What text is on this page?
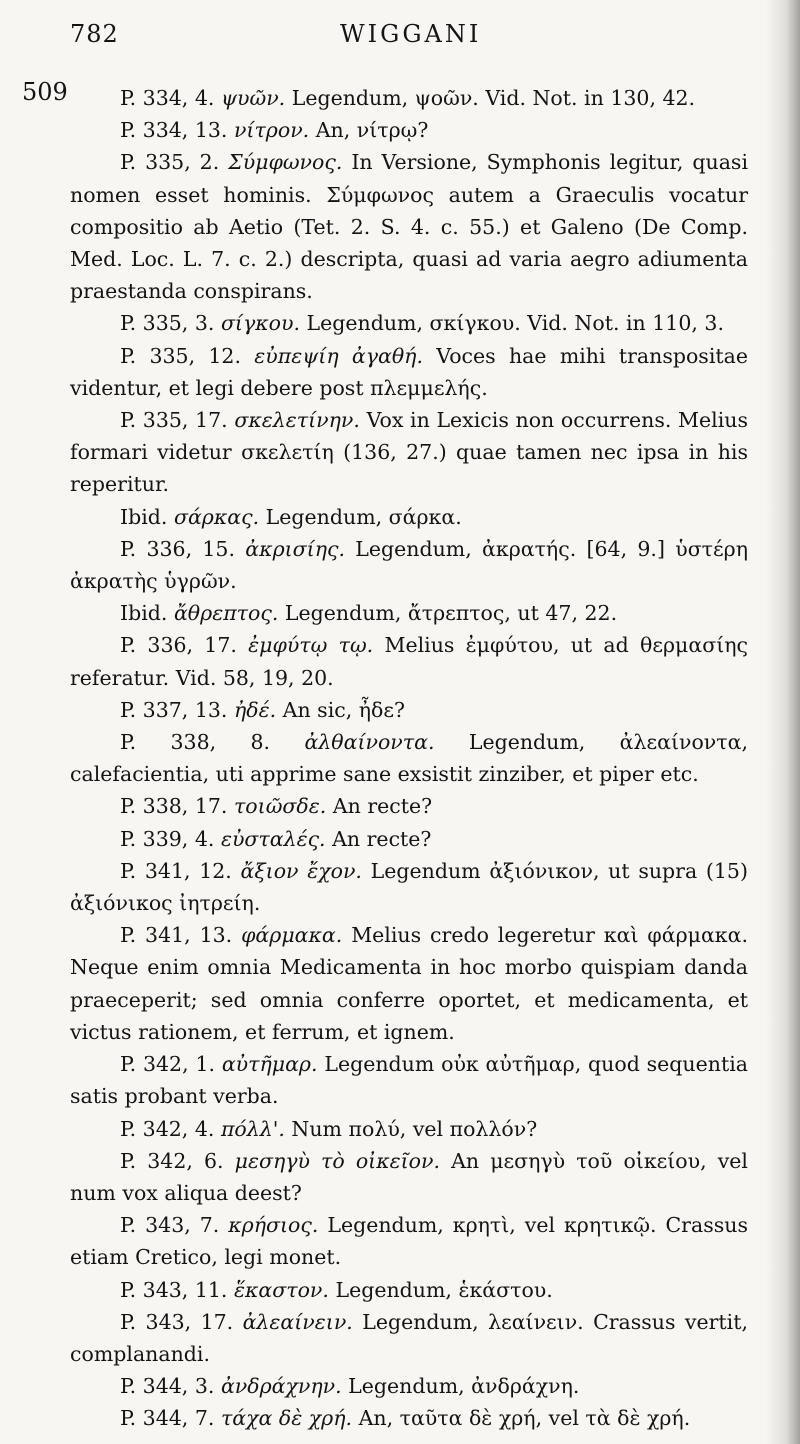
782	WIGGANI
509	P. 334, 4. ψυῶν. Legendum, ψοῶν. Vid. Not. in 130, 42.

P. 334, 13. νίτρον. An, νίτρῳ?

P. 335, 2. Σύμφωνος. In Versione, Symphonis legitur, quasi nomen esset hominis. Σύμφωνος autem a Graeculis vocatur compositio ab Aetio (Tet. 2. S. 4. c. 55.) et Galeno (De Comp. Med. Loc. L. 7. c. 2.) descripta, quasi ad varia aegro adiumenta praestanda conspirans.

P. 335, 3. σίγκου. Legendum, σκίγκου. Vid. Not. in 110, 3.

P. 335, 12. εὐπεψίη ἀγαθή. Voces hae mihi transpositae videntur, et legi debere post πλεμμελής.

P. 335, 17. σκελετίνην. Vox in Lexicis non occurrens. Melius formari videtur σκελετίη (136, 27.) quae tamen nec ipsa in his reperitur.

Ibid. σάρκας. Legendum, σάρκα.

P. 336, 15. ἀκρισίης. Legendum, ἀκρατής. [64, 9.] ὑστέρη ἀκρατὴς ὑγρῶν.

Ibid. ἄθρεπτος. Legendum, ἄτρεπτος, ut 47, 22.

P. 336, 17. ἐμφύτῳ τῳ. Melius ἐμφύτου, ut ad θερμασίης referatur. Vid. 58, 19, 20.

P. 337, 13. ἠδέ. An sic, ἦδε?

P. 338, 8. ἀλθαίνοντα. Legendum, ἀλεαίνοντα, calefacientia, uti apprime sane exsistit zinziber, et piper etc.

P. 338, 17. τοιῶσδε. An recte?

P. 339, 4. εὐσταλές. An recte?

P. 341, 12. ἄξιον ἔχον. Legendum ἀξιόνικον, ut supra (15) ἀξιόνικος ἰητρείη.

P. 341, 13. φάρμακα. Melius credo legeretur καὶ φάρμακα. Neque enim omnia Medicamenta in hoc morbo quispiam danda praeceperit; sed omnia conferre oportet, et medicamenta, et victus rationem, et ferrum, et ignem.

P. 342, 1. αὐτῆμαρ. Legendum οὐκ αὐτῆμαρ, quod sequentia satis probant verba.

P. 342, 4. πόλλ'. Num πολύ, vel πολλόν?

P. 342, 6. μεσηγὺ τὸ οἰκεῖον. An μεσηγὺ τοῦ οἰκείου, vel num vox aliqua deest?

P. 343, 7. κρήσιος. Legendum, κρητὶ, vel κρητικῷ. Crassus etiam Cretico, legi monet.

P. 343, 11. ἕκαστον. Legendum, ἑκάστου.

P. 343, 17. ἀλεαίνειν. Legendum, λεαίνειν. Crassus vertit, complanandi.

P. 344, 3. ἀνδράχνην. Legendum, ἀνδράχνη.

P. 344, 7. τάχα δὲ χρή. An, ταῦτα δὲ χρή, vel τὰ δὲ χρή.
